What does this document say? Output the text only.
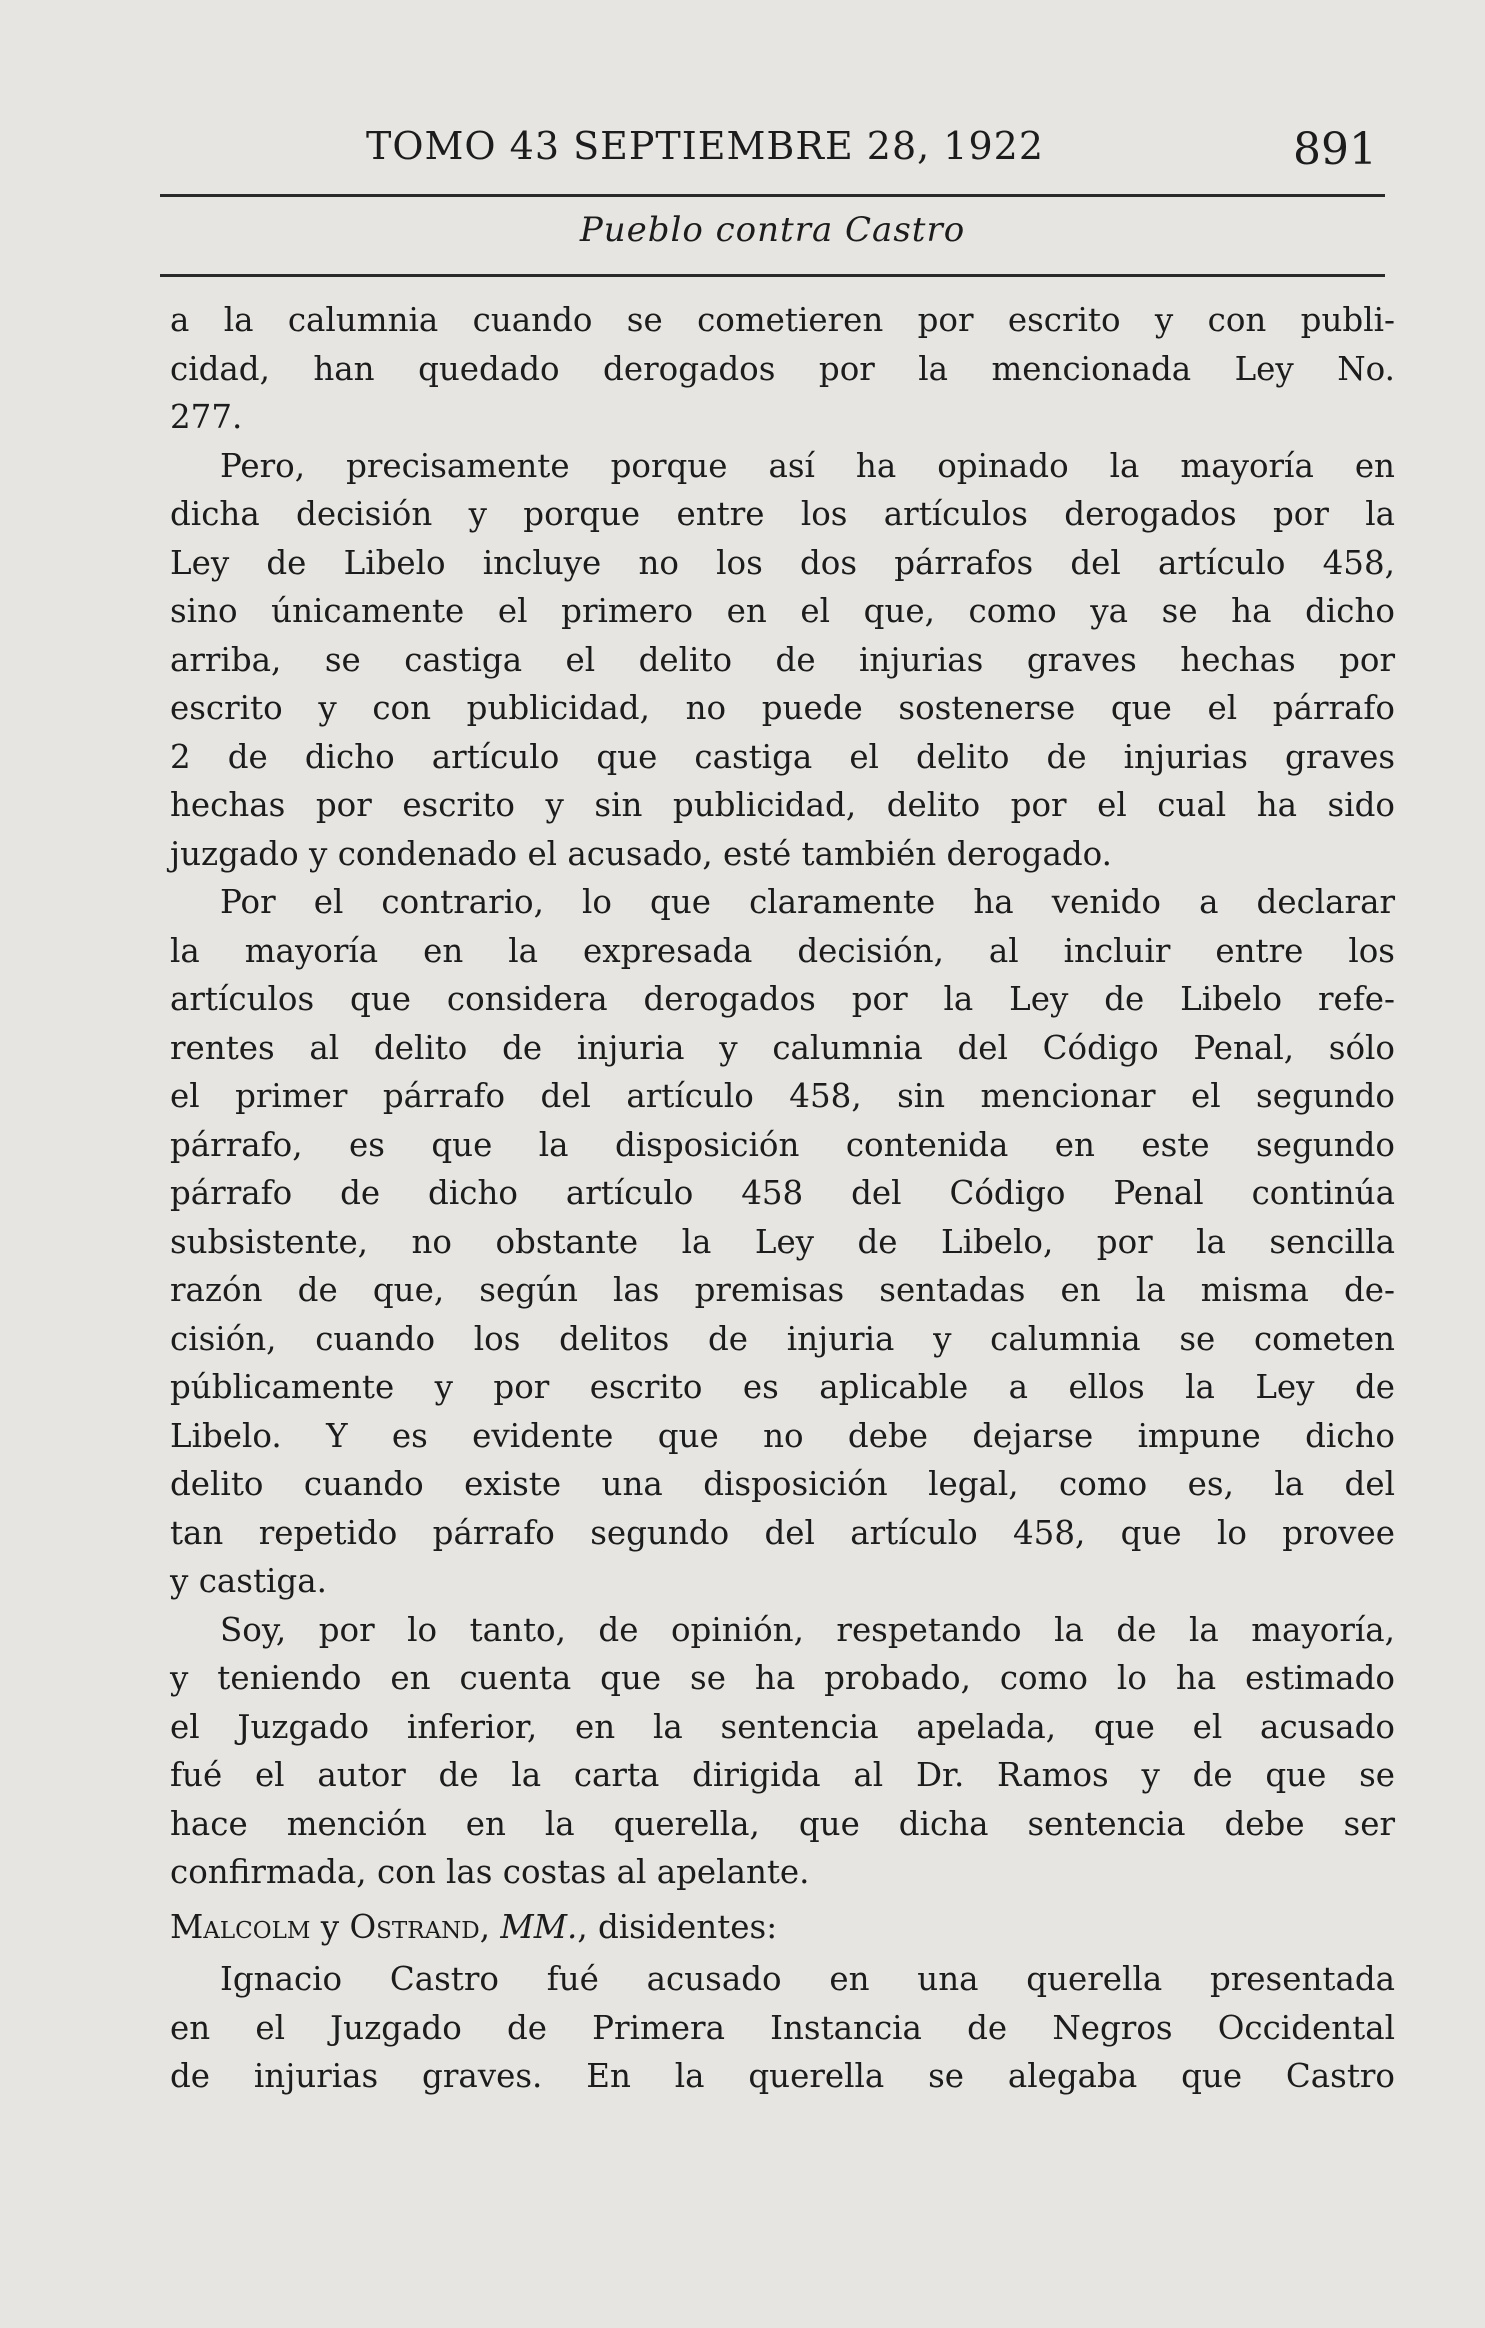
TOMO 43 SEPTIEMBRE 28, 1922	891
Pueblo contra Castro
a la calumnia cuando se cometieren por escrito y con publi-
cidad, han quedado derogados por la mencionada Ley No.
277.
Pero, precisamente porque así ha opinado la mayoría en
dicha decisión y porque entre los artículos derogados por la
Ley de Libelo incluye no los dos párrafos del artículo 458,
sino únicamente el primero en el que, como ya se ha dicho
arriba, se castiga el delito de injurias graves hechas por
escrito y con publicidad, no puede sostenerse que el párrafo
2 de dicho artículo que castiga el delito de injurias graves
hechas por escrito y sin publicidad, delito por el cual ha sido
juzgado y condenado el acusado, esté también derogado.
Por el contrario, lo que claramente ha venido a declarar
la mayoría en la expresada decisión, al incluir entre los
artículos que considera derogados por la Ley de Libelo refe-
rentes al delito de injuria y calumnia del Código Penal, sólo
el primer párrafo del artículo 458, sin mencionar el segundo
párrafo, es que la disposición contenida en este segundo
párrafo de dicho artículo 458 del Código Penal continúa
subsistente, no obstante la Ley de Libelo, por la sencilla
razón de que, según las premisas sentadas en la misma de-
cisión, cuando los delitos de injuria y calumnia se cometen
públicamente y por escrito es aplicable a ellos la Ley de
Libelo. Y es evidente que no debe dejarse impune dicho
delito cuando existe una disposición legal, como es, la del
tan repetido párrafo segundo del artículo 458, que lo provee
y castiga.
Soy, por lo tanto, de opinión, respetando la de la mayoría,
y teniendo en cuenta que se ha probado, como lo ha estimado
el Juzgado inferior, en la sentencia apelada, que el acusado
fué el autor de la carta dirigida al Dr. Ramos y de que se
hace mención en la querella, que dicha sentencia debe ser
confirmada, con las costas al apelante.
Malcolm y Ostrand, MM., disidentes:
Ignacio Castro fué acusado en una querella presentada
en el Juzgado de Primera Instancia de Negros Occidental
de injurias graves. En la querella se alegaba que Castro
